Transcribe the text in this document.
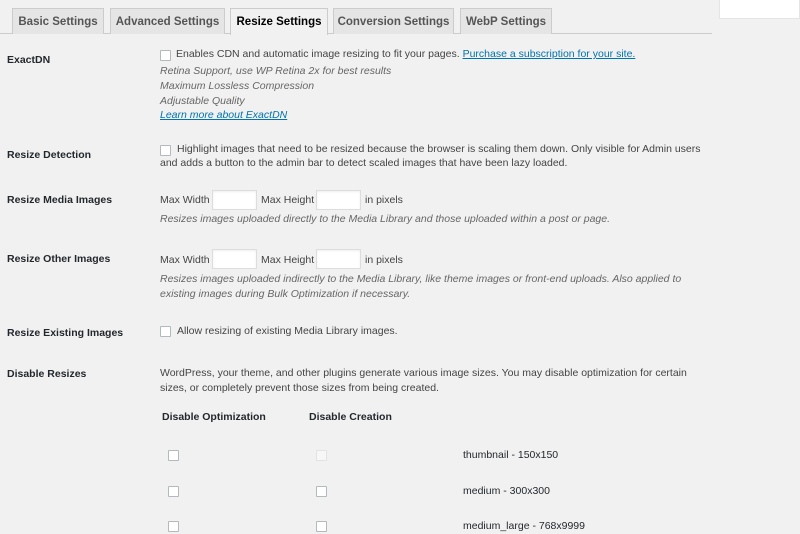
Basic Settings	Advanced Settings	Resize Settings	Conversion Settings	WebP Settings
ExactDN	Enables CDN and automatic image resizing to fit your pages. Purchase a subscription for your site.
Retina Support, use WP Retina 2x for best results
Maximum Lossless Compression
Adjustable Quality
Learn more about ExactDN
Resize Detection	Highlight images that need to be resized because the browser is scaling them down. Only visible for Admin users
and adds a button to the admin bar to detect scaled images that have been lazy loaded.
Resize Media Images	Max Width	Max Height	in pixels
Resizes images uploaded directly to the Media Library and those uploaded within a post or page.
Resize Other Images	Max Width	Max Height	in pixels
Resizes images uploaded indirectly to the Media Library, like theme images or front-end uploads. Also applied to
existing images during Bulk Optimization if necessary.
Resize Existing Images	Allow resizing of existing Media Library images.
Disable Resizes	WordPress, your theme, and other plugins generate various image sizes. You may disable optimization for certain
sizes, or completely prevent those sizes from being created.
Disable Optimization	Disable Creation
thumbnail - 150x150
medium - 300x300
medium_large - 768x9999
